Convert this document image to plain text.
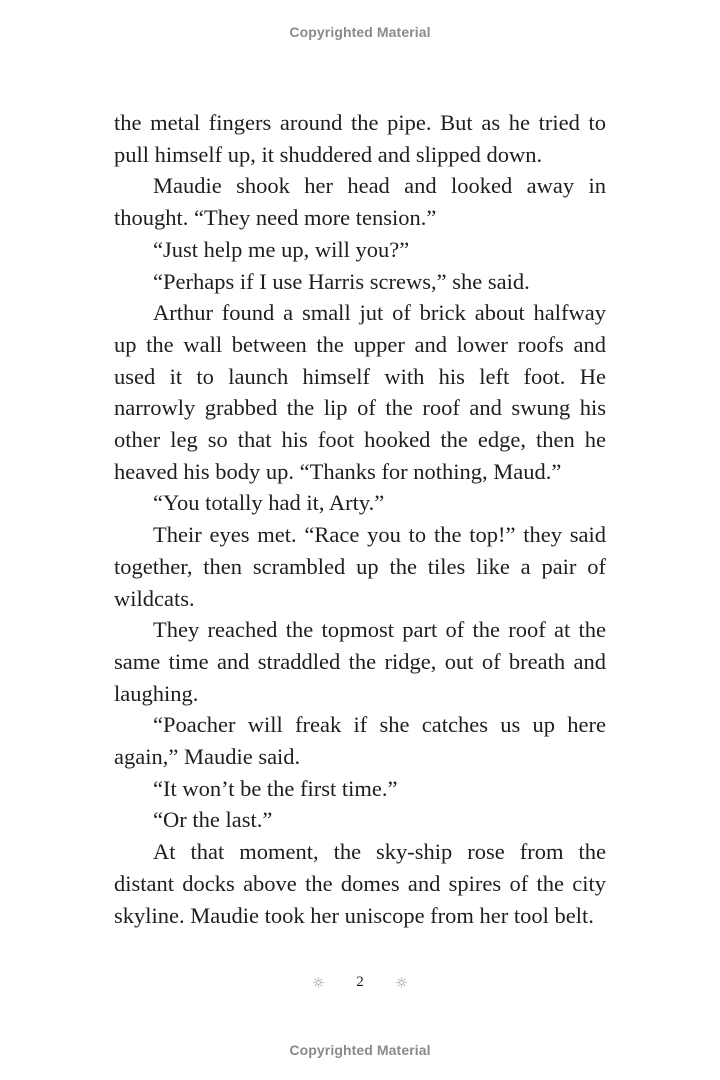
Copyrighted Material

the metal fingers around the pipe. But as he tried to pull himself up, it shuddered and slipped down.

Maudie shook her head and looked away in thought. “They need more tension.”

“Just help me up, will you?”

“Perhaps if I use Harris screws,” she said.

Arthur found a small jut of brick about halfway up the wall between the upper and lower roofs and used it to launch himself with his left foot. He narrowly grabbed the lip of the roof and swung his other leg so that his foot hooked the edge, then he heaved his body up. “Thanks for nothing, Maud.”

“You totally had it, Arty.”

Their eyes met. “Race you to the top!” they said together, then scrambled up the tiles like a pair of wildcats.

They reached the topmost part of the roof at the same time and straddled the ridge, out of breath and laughing.

“Poacher will freak if she catches us up here again,” Maudie said.

“It won’t be the first time.”

“Or the last.”

At that moment, the sky-ship rose from the distant docks above the domes and spires of the city skyline. Maudie took her uniscope from her tool belt.

2
Copyrighted Material
